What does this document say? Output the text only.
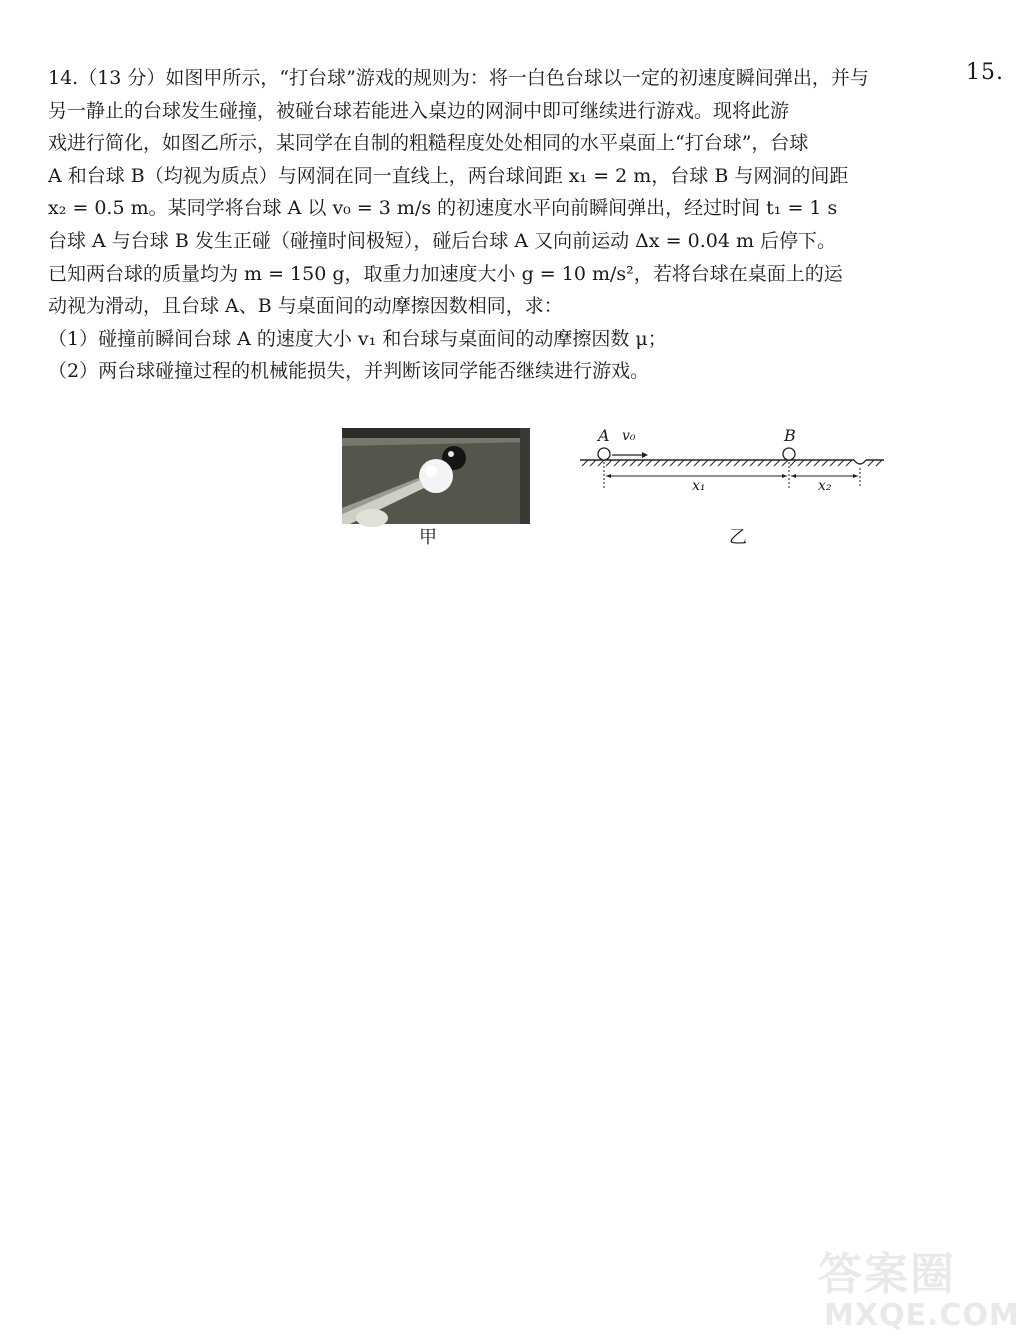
15.

14.（13 分）如图甲所示，“打台球”游戏的规则为：将一白色台球以一定的初速度瞬间弹出，并与

另一静止的台球发生碰撞，被碰台球若能进入桌边的网洞中即可继续进行游戏。现将此游

戏进行简化，如图乙所示，某同学在自制的粗糙程度处处相同的水平桌面上“打台球”，台球

A 和台球 B（均视为质点）与网洞在同一直线上，两台球间距 x₁ = 2 m，台球 B 与网洞的间距

x₂ = 0.5 m。某同学将台球 A 以 v₀ = 3 m/s 的初速度水平向前瞬间弹出，经过时间 t₁ = 1 s

台球 A 与台球 B 发生正碰（碰撞时间极短），碰后台球 A 又向前运动 Δx = 0.04 m 后停下。

已知两台球的质量均为 m = 150 g，取重力加速度大小 g = 10 m/s²，若将台球在桌面上的运

动视为滑动，且台球 A、B 与桌面间的动摩擦因数相同，求：

（1）碰撞前瞬间台球 A 的速度大小 v₁ 和台球与桌面间的动摩擦因数 μ；

（2）两台球碰撞过程的机械能损失，并判断该同学能否继续进行游戏。

甲
A v₀	B
x₁	x₂
乙
答案圈
MXQE.COM
